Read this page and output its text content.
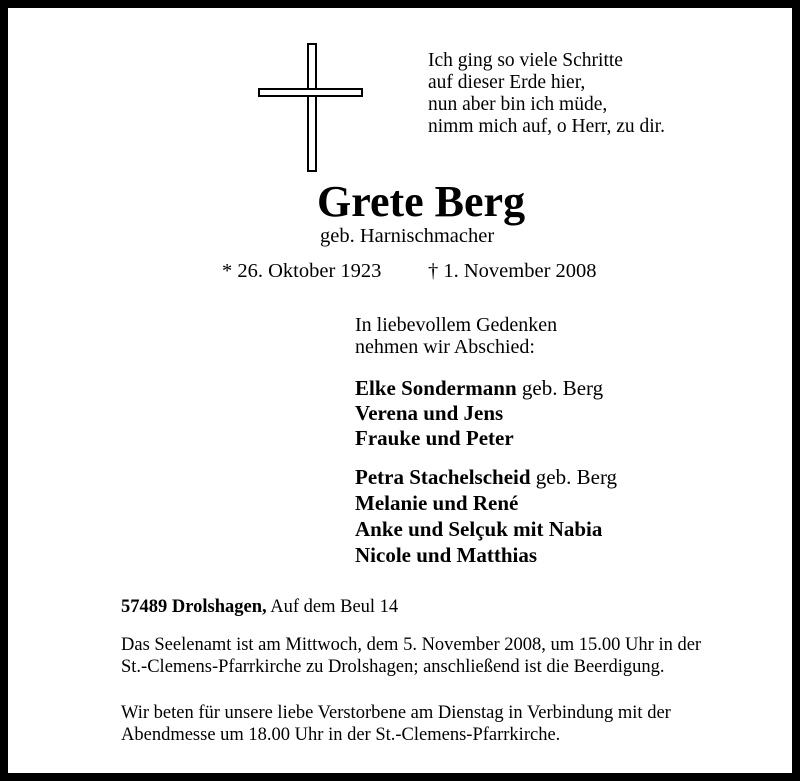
Ich ging so viele Schritte
auf dieser Erde hier,
nun aber bin ich müde,
nimm mich auf, o Herr, zu dir.
Grete Berg
geb. Harnischmacher
* 26. Oktober 1923 † 1. November 2008
In liebevollem Gedenken
nehmen wir Abschied:
Elke Sondermann geb. Berg
Verena und Jens
Frauke und Peter
Petra Stachelscheid geb. Berg
Melanie und René
Anke und Selçuk mit Nabia
Nicole und Matthias
57489 Drolshagen, Auf dem Beul 14
Das Seelenamt ist am Mittwoch, dem 5. November 2008, um 15.00 Uhr in der
St.-Clemens-Pfarrkirche zu Drolshagen; anschließend ist die Beerdigung.
Wir beten für unsere liebe Verstorbene am Dienstag in Verbindung mit der
Abendmesse um 18.00 Uhr in der St.-Clemens-Pfarrkirche.
